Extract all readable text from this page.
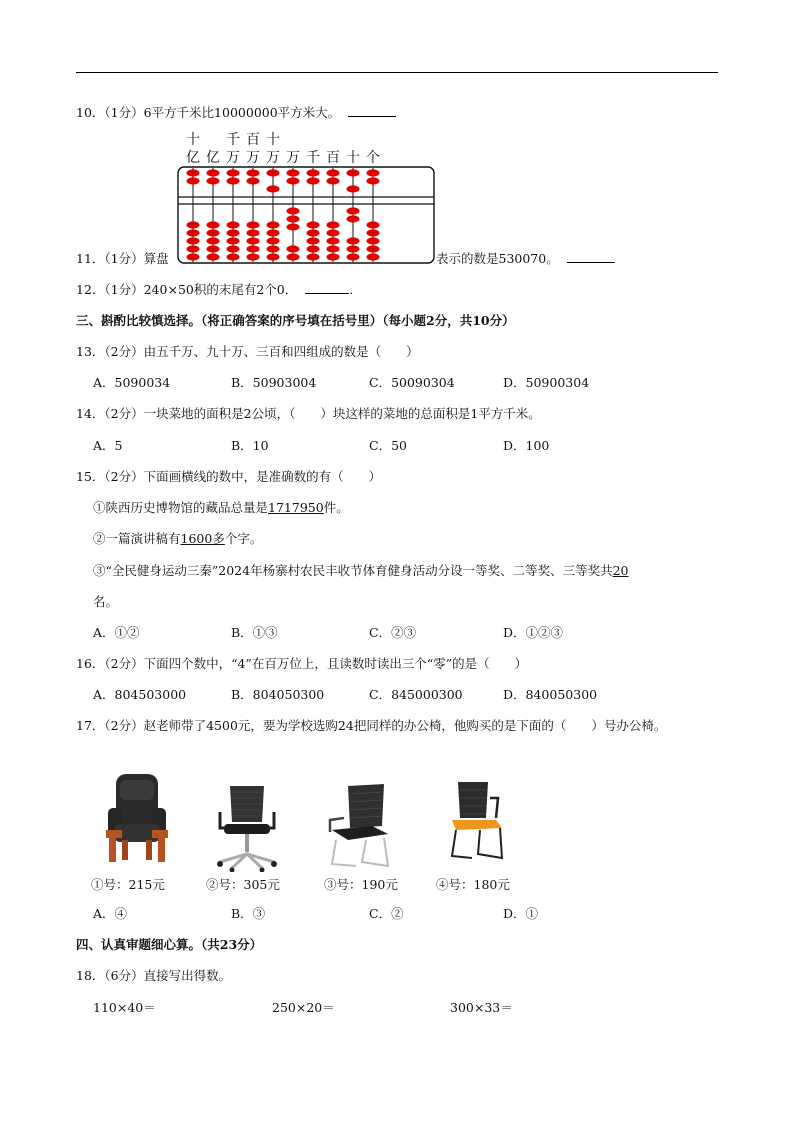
10．（1分）6平方千米比10000000平方米大。
十 千 百 十
亿 亿 万 万 万 万 千 百 十 个
11．（1分）算盘	表示的数是530070。
12．（1分）240×50积的末尾有2个0．	.
三、斟酌比较慎选择。（将正确答案的序号填在括号里）（每小题2分，共10分）
13．（2分）由五千万、九十万、三百和四组成的数是（　　）
A．5090034	B．50903004	C．50090304	D．50900304
14．（2分）一块菜地的面积是2公顷，（　　）块这样的菜地的总面积是1平方千米。
A．5	B．10	C．50	D．100
15．（2分）下面画横线的数中，是准确数的有（　　）
①陕西历史博物馆的藏品总量是1717950件。
②一篇演讲稿有1600多个字。
③“全民健身运动三秦”2024年杨寨村农民丰收节体育健身活动分设一等奖、二等奖、三等奖共20
名。
A．①②	B．①③	C．②③	D．①②③
16．（2分）下面四个数中，“4”在百万位上，且读数时读出三个“零”的是（　　）
A．804503000	B．804050300	C．845000300	D．840050300
17．（2分）赵老师带了4500元，要为学校选购24把同样的办公椅，他购买的是下面的（　　）号办公椅。
①号：215元	②号：305元	③号：190元	④号：180元
A．④	B．③	C．②	D．①
四、认真审题细心算。（共23分）
18．（6分）直接写出得数。
110×40＝	250×20＝	300×33＝
